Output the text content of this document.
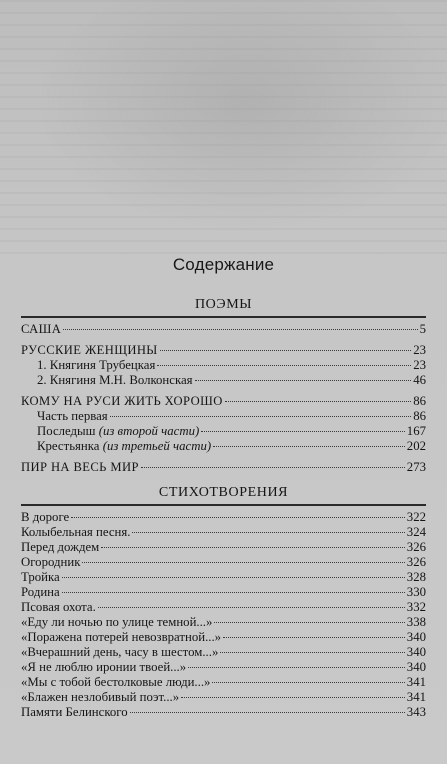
Содержание
ПОЭМЫ
САША	5
РУССКИЕ ЖЕНЩИНЫ	23
1. Княгиня Трубецкая	23
2. Княгиня М.Н. Волконская	46
КОМУ НА РУСИ ЖИТЬ ХОРОШО	86
Часть первая	86
Последыш (из второй части)	167
Крестьянка (из третьей части)	202
ПИР НА ВЕСЬ МИР	273
СТИХОТВОРЕНИЯ
В дороге	322
Колыбельная песня.	324
Перед дождем	326
Огородник	326
Тройка	328
Родина	330
Псовая охота.	332
«Еду ли ночью по улице темной...»	338
«Поражена потерей невозвратной...»	340
«Вчерашний день, часу в шестом...»	340
«Я не люблю иронии твоей...»	340
«Мы с тобой бестолковые люди...»	341
«Блажен незлобивый поэт...»	341
Памяти Белинского	343
